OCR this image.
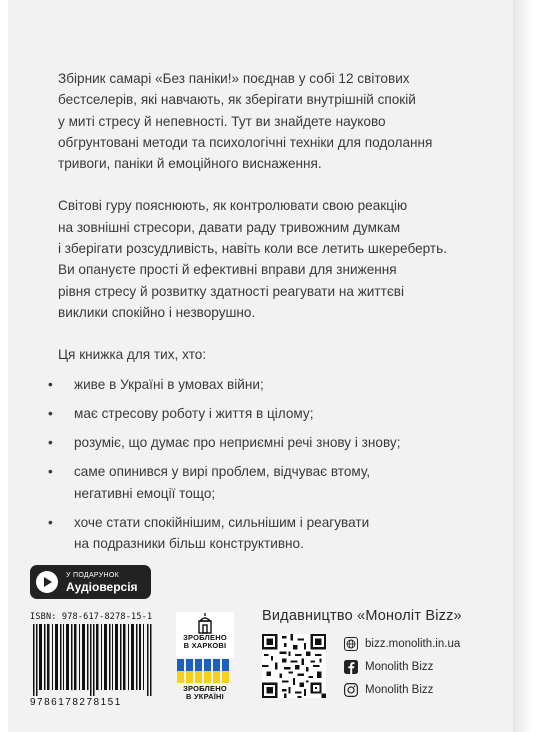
Збірник самарі «Без паніки!» поєднав у собі 12 світових
бестселерів, які навчають, як зберігати внутрішній спокій
у миті стресу й непевності. Тут ви знайдете науково
обгрунтовані методи та психологічні техніки для подолання
тривоги, паніки й емоційного виснаження.

Світові гуру пояснюють, як контролювати свою реакцію
на зовнішні стресори, давати раду тривожним думкам
і зберігати розсудливість, навіть коли все летить шкереберть.
Ви опануєте прості й ефективні вправи для зниження
рівня стресу й розвитку здатності реагувати на життєві
виклики спокійно і незворушно.

Ця книжка для тих, хто:

• живе в Україні в умовах війни;
• має стресову роботу і життя в цілому;
• розуміє, що думає про неприємні речі знову і знову;
• саме опинився у вирі проблем, відчуває втому,
негативні емоції тощо;
• хоче стати спокійнішим, сильнішим і реагувати
на подразники більш конструктивно.
У ПОДАРУНОК
Аудіоверсія
ISBN: 978-617-8278-15-1
9786178278151
ЗРОБЛЕНО
В ХАРКОВІ
ЗРОБЛЕНО
В УКРАЇНІ
Видавництво «Моноліт Bizz»
bizz.monolith.in.ua
Monolith Bizz
Monolith Bizz
